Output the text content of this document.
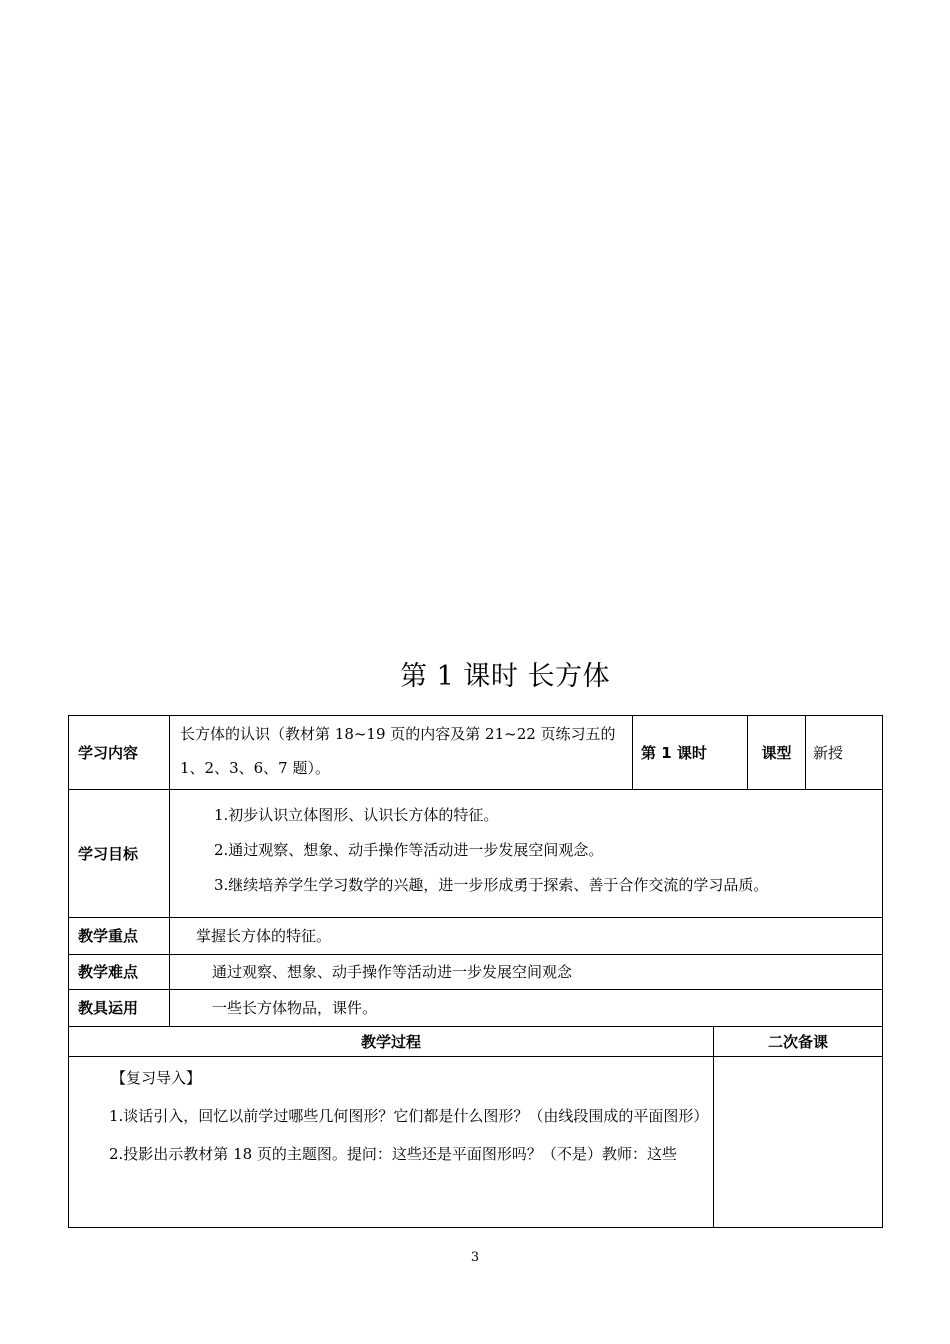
第 1 课时 长方体
学习内容	长方体的认识（教材第 18~19 页的内容及第 21~22 页练习五的 1、2、3、6、7 题）。	第 1 课时		课型	新授
学习目标	1.初步认识立体图形、认识长方体的特征。
2.通过观察、想象、动手操作等活动进一步发展空间观念。
3.继续培养学生学习数学的兴趣，进一步形成勇于探索、善于合作交流的学习品质。				

教学重点	掌握长方体的特征。				
教学难点	通过观察、想象、动手操作等活动进一步发展空间观念				
教具运用	一些长方体物品，课件。				
教学过程			二次备课		

【复习导入】

1.谈话引入，回忆以前学过哪些几何图形？它们都是什么图形？（由线段围成的平面图形）

2.投影出示教材第 18 页的主题图。提问：这些还是平面图形吗？（不是）教师：这些					

3
